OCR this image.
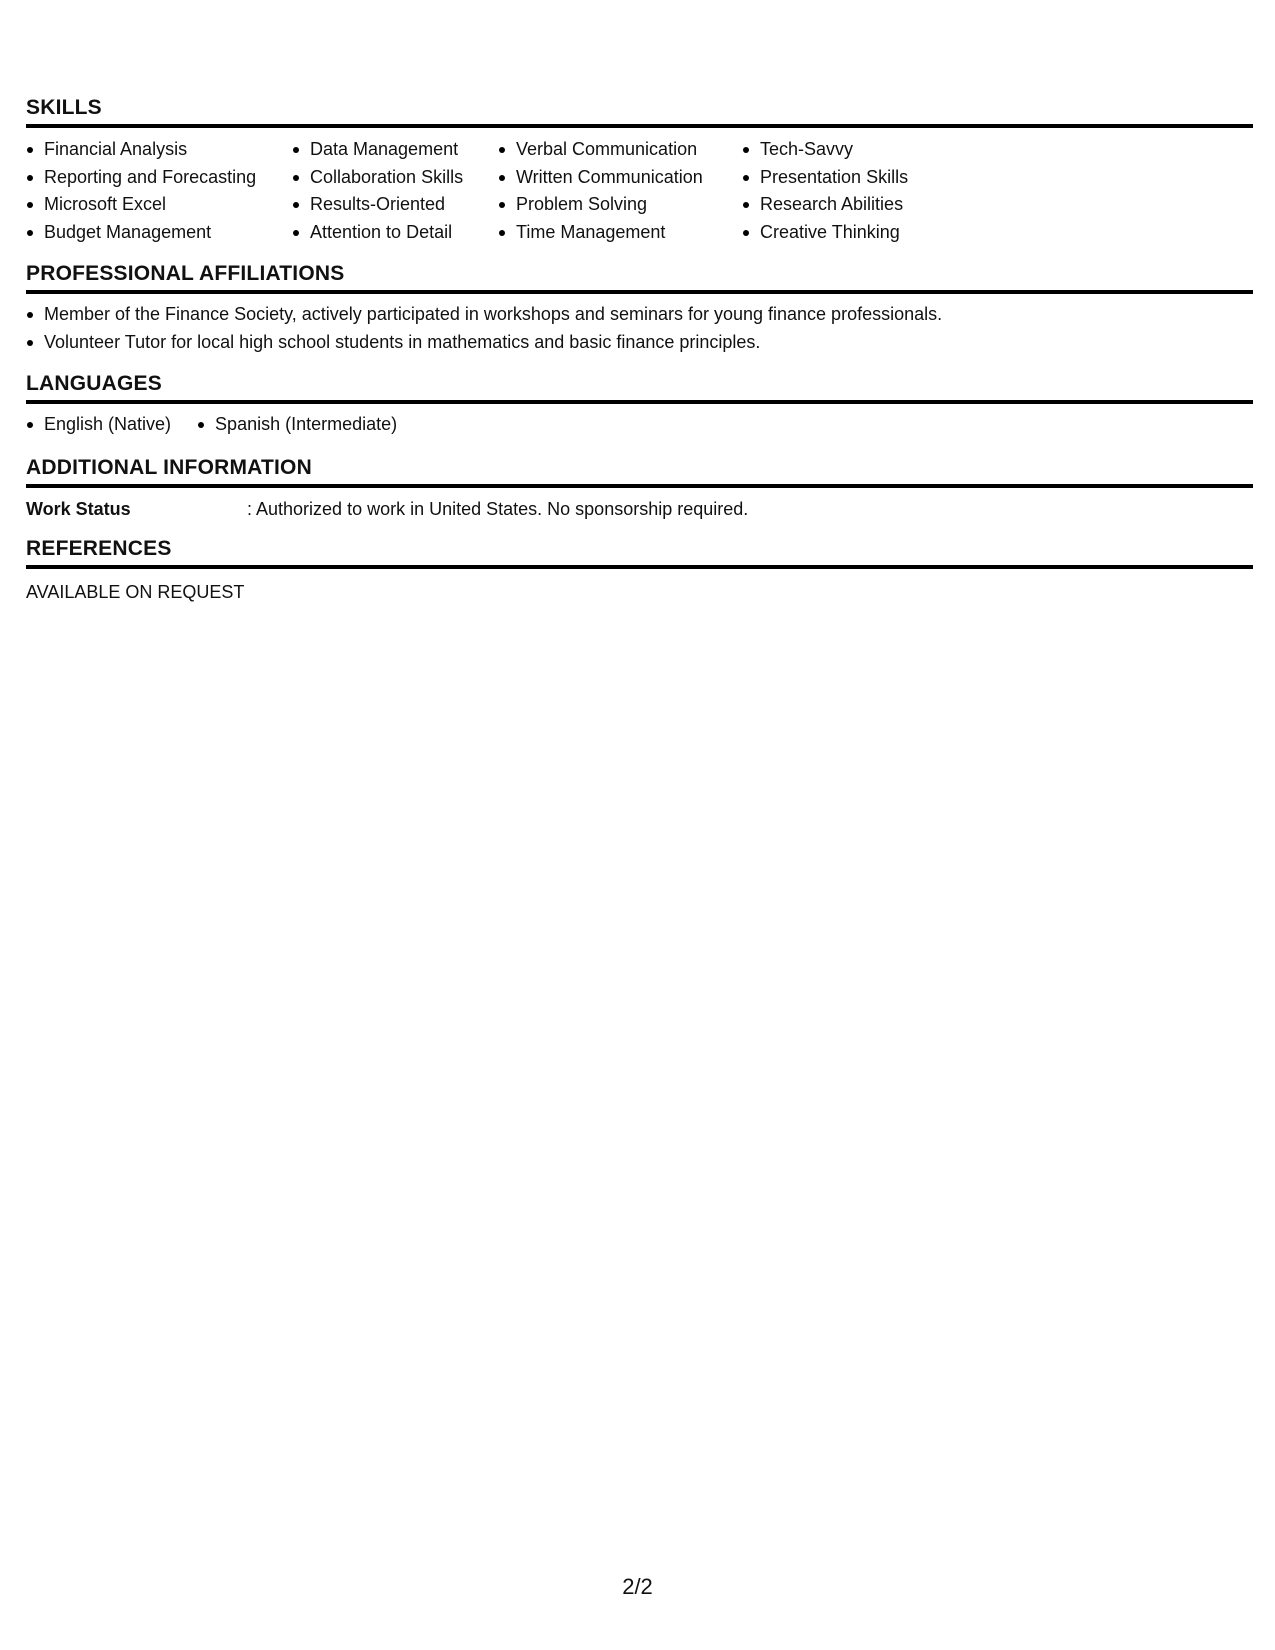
SKILLS
Financial Analysis
Reporting and Forecasting
Microsoft Excel
Budget Management
Data Management
Collaboration Skills
Results-Oriented
Attention to Detail
Verbal Communication
Written Communication
Problem Solving
Time Management
Tech-Savvy
Presentation Skills
Research Abilities
Creative Thinking
PROFESSIONAL AFFILIATIONS
Member of the Finance Society, actively participated in workshops and seminars for young finance professionals.
Volunteer Tutor for local high school students in mathematics and basic finance principles.
LANGUAGES
English (Native)	Spanish (Intermediate)
ADDITIONAL INFORMATION
Work Status	: Authorized to work in United States. No sponsorship required.
REFERENCES
AVAILABLE ON REQUEST
2/2
